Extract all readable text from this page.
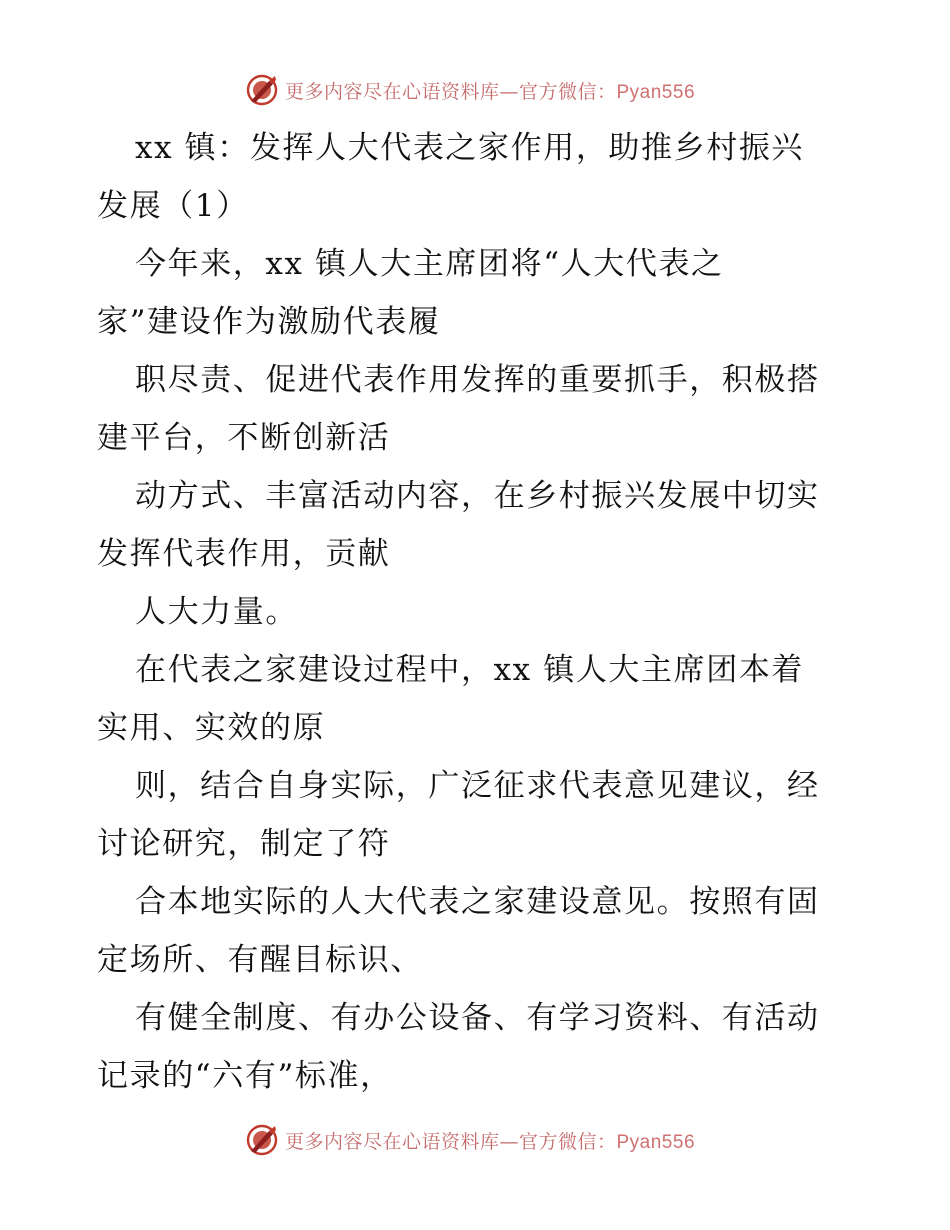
更多内容尽在心语资料库—官方微信：Pyan556
xx 镇：发挥人大代表之家作用，助推乡村振兴
发展（1）
今年来，xx 镇人大主席团将“人大代表之
家”建设作为激励代表履
职尽责、促进代表作用发挥的重要抓手，积极搭
建平台，不断创新活
动方式、丰富活动内容，在乡村振兴发展中切实
发挥代表作用，贡献
人大力量。
在代表之家建设过程中，xx 镇人大主席团本着
实用、实效的原
则，结合自身实际，广泛征求代表意见建议，经
讨论研究，制定了符
合本地实际的人大代表之家建设意见。按照有固
定场所、有醒目标识、
有健全制度、有办公设备、有学习资料、有活动
记录的“六有”标准，
更多内容尽在心语资料库—官方微信：Pyan556
